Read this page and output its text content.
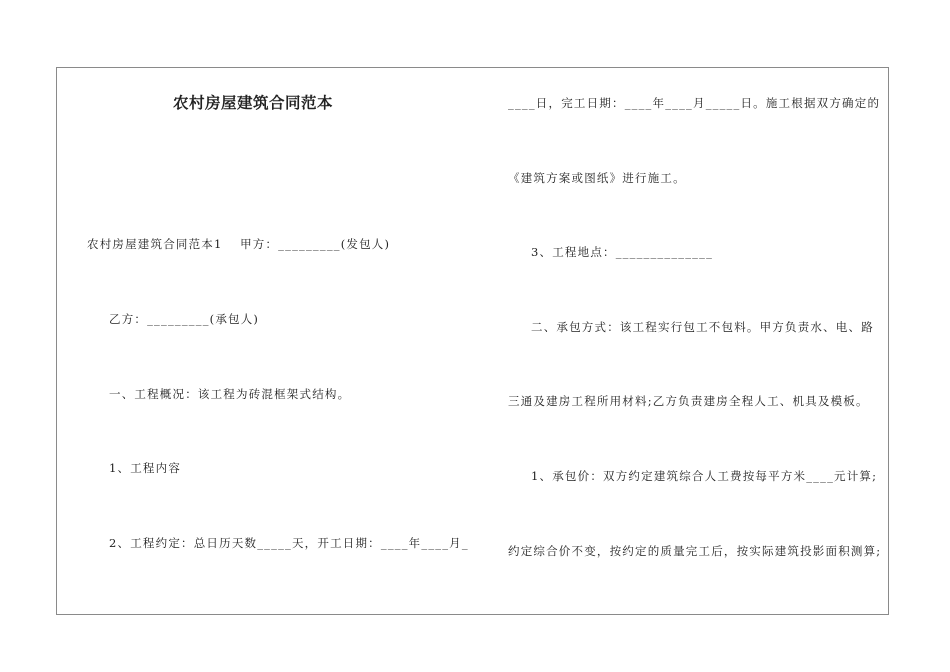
农村房屋建筑合同范本
农村房屋建筑合同范本1　 甲方：_________(发包人)
乙方：_________(承包人)
一、工程概况：该工程为砖混框架式结构。
1、工程内容
2、工程约定：总日历天数_____天，开工日期：____年____月_
____日，完工日期：____年____月_____日。施工根据双方确定的
《建筑方案或图纸》进行施工。
3、工程地点：______________
二、承包方式：该工程实行包工不包料。甲方负责水、电、路
三通及建房工程所用材料;乙方负责建房全程人工、机具及模板。
1、承包价：双方约定建筑综合人工费按每平方米____元计算;
约定综合价不变，按约定的质量完工后，按实际建筑投影面积测算;
